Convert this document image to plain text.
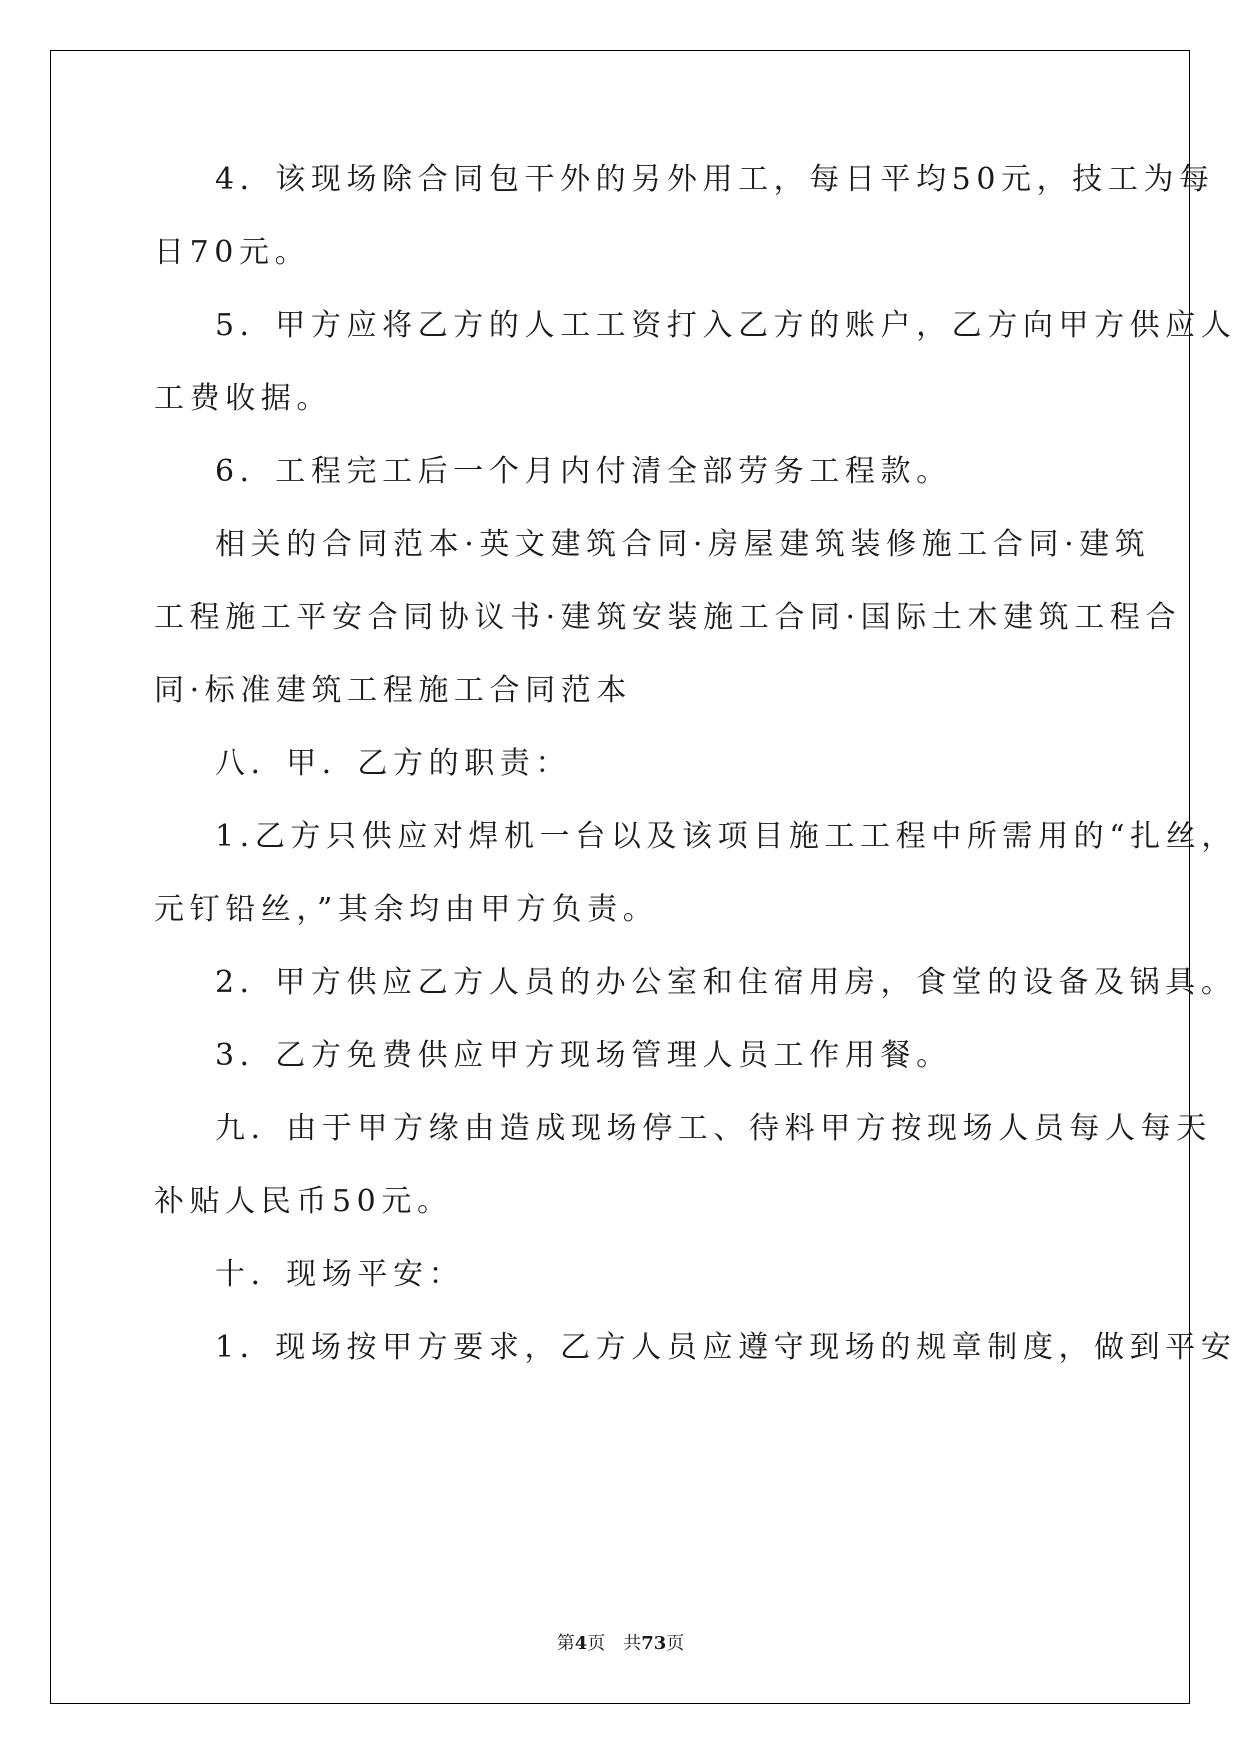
4．该现场除合同包干外的另外用工，每日平均50元，技工为每
日70元。
5．甲方应将乙方的人工工资打入乙方的账户，乙方向甲方供应人
工费收据。
6．工程完工后一个月内付清全部劳务工程款。
相关的合同范本·英文建筑合同·房屋建筑装修施工合同·建筑
工程施工平安合同协议书·建筑安装施工合同·国际土木建筑工程合
同·标准建筑工程施工合同范本
八．甲．乙方的职责：
1.乙方只供应对焊机一台以及该项目施工工程中所需用的“扎丝，
元钉铅丝，”其余均由甲方负责。
2．甲方供应乙方人员的办公室和住宿用房，食堂的设备及锅具。
3．乙方免费供应甲方现场管理人员工作用餐。
九．由于甲方缘由造成现场停工、待料甲方按现场人员每人每天
补贴人民币50元。
十．现场平安：
1．现场按甲方要求，乙方人员应遵守现场的规章制度，做到平安
第4页 共73页
